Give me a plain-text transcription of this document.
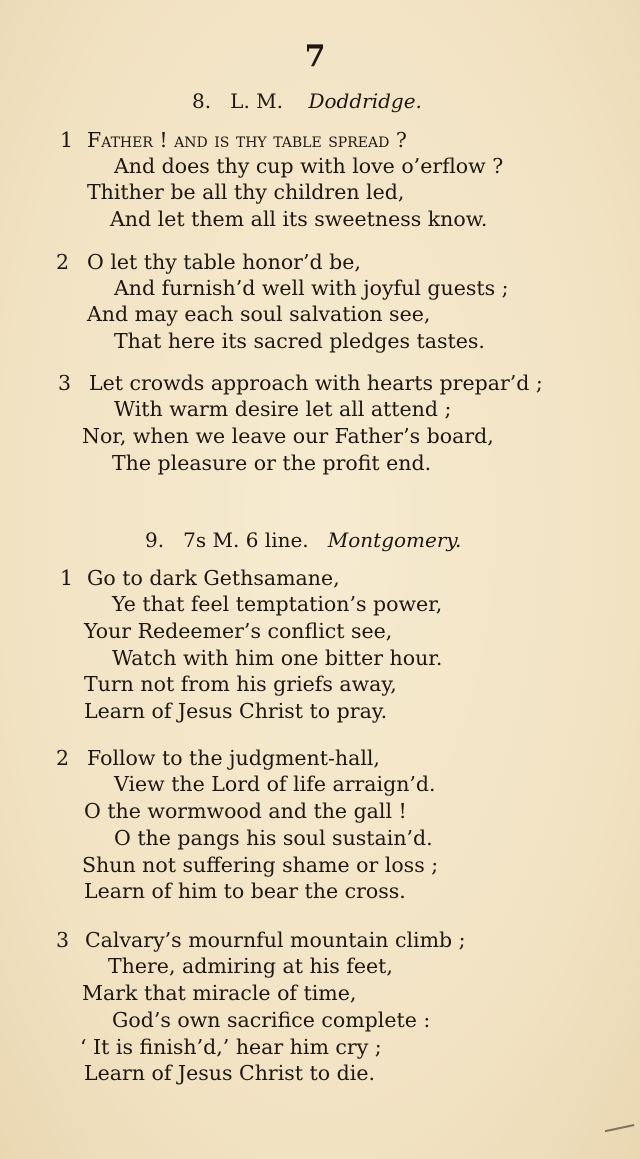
7
8. L. M. Doddridge.
1 Father ! and is thy table spread ?
And does thy cup with love o’erflow ?
Thither be all thy children led,
And let them all its sweetness know.
2 O let thy table honor’d be,
And furnish’d well with joyful guests ;
And may each soul salvation see,
That here its sacred pledges tastes.
3 Let crowds approach with hearts prepar’d ;
With warm desire let all attend ;
Nor, when we leave our Father’s board,
The pleasure or the profit end.
9. 7s M. 6 line. Montgomery.
1 Go to dark Gethsamane,
Ye that feel temptation’s power,
Your Redeemer’s conflict see,
Watch with him one bitter hour.
Turn not from his griefs away,
Learn of Jesus Christ to pray.
2 Follow to the judgment-hall,
View the Lord of life arraign’d.
O the wormwood and the gall !
O the pangs his soul sustain’d.
Shun not suffering shame or loss ;
Learn of him to bear the cross.
3 Calvary’s mournful mountain climb ;
There, admiring at his feet,
Mark that miracle of time,
God’s own sacrifice complete :
‘ It is finish’d,’ hear him cry ;
Learn of Jesus Christ to die.
